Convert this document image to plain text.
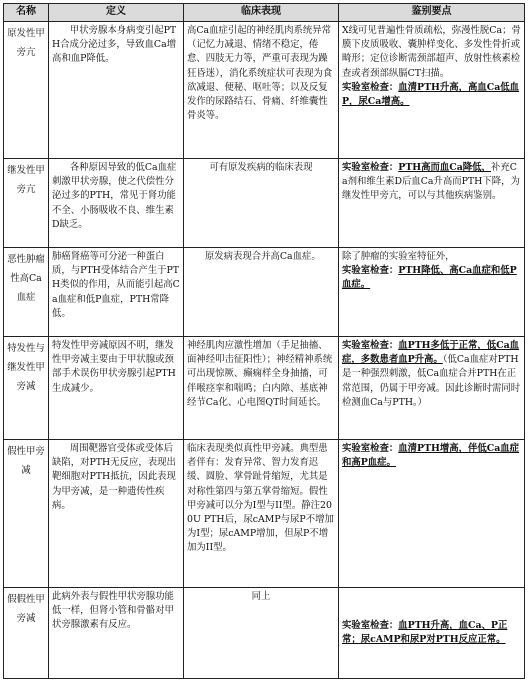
名称	定义	临床表现	鉴别要点
原发性甲旁亢	甲状旁腺本身病变引起PTH合成分泌过多，导致血Ca增高和血P降低。	高Ca血症引起的神经肌肉系统异常（记忆力减退、情绪不稳定，倦怠、四肢无力等，严重可表现为躁狂昏迷），消化系统症状可表现为食欲减退、便秘、呕吐等；以及反复发作的尿路结石、骨痛、纤维囊性骨炎等。	X线可见普遍性骨质疏松，弥漫性脱Ca；骨膜下皮质吸收、囊肿样变化、多发性骨折或畸形；定位诊断需颈部超声、放射性核素检查或者颈部纵膈CT扫描。
实验室检查：血清PTH升高，高血Ca低血P，尿Ca增高。
继发性甲旁亢	各种原因导致的低Ca血症刺激甲状旁腺，使之代偿性分泌过多的PTH，常见于肾功能不全、小肠吸收不良、维生素D缺乏。	可有原发疾病的临床表现	实验室检查：PTH高而血Ca降低，补充Ca剂和维生素D后血Ca升高而PTH下降，为继发性甲旁亢，可以与其他疾病鉴别。
恶性肿瘤性高Ca血症	肺癌肾癌等可分泌一种蛋白质，与PTH受体结合产生于PTH类似的作用，从而能引起高Ca血症和低P血症，PTH常降低。	原发病表现合并高Ca血症。	除了肿瘤的实验室特征外，
实验室检查：PTH降低、高Ca血症和低P血症。
特发性与继发性甲旁减	特发性甲旁减原因不明，继发性甲旁减主要由于甲状腺或颈部手术误伤甲状旁腺引起PTH生成减少。	神经肌肉应激性增加（手足抽搐、面神经叩击征阳性）；神经精神系统可出现惊厥、癫痫样全身抽搐，可伴喉痉挛和喘鸣；白内障、基底神经节Ca化、心电图QT时间延长。	实验室检查：血PTH多低于正常，低Ca血症，多数患者血P升高。（低Ca血症对PTH是一种强烈刺激，低Ca血症合并PTH在正常范围，仍属于甲旁减。因此诊断时需同时检测血Ca与PTH。）
假性甲旁减	周围靶器官受体或受体后缺陷，对PTH无反应，表现出靶细胞对PTH抵抗，因此表现为甲旁减，是一种遗传性疾病。	临床表现类似真性甲旁减。典型患者伴有：发育异常、智力发育迟缓、圆脸、掌骨趾骨缩短，尤其是对称性第四与第五掌骨缩短。假性甲旁减可以分为I型与II型。静注200U PTH后，尿cAMP与尿P不增加为I型；尿cAMP增加，但尿P不增加为II型。	实验室检查：血清PTH增高，伴低Ca血症和高P血症。
假假性甲旁减	此病外表与假性甲状旁腺功能低一样，但肾小管和骨骼对甲状旁腺激素有反应。	同上	实验室检查：血PTH升高，血Ca、P正常；尿cAMP和尿P对PTH反应正常。
